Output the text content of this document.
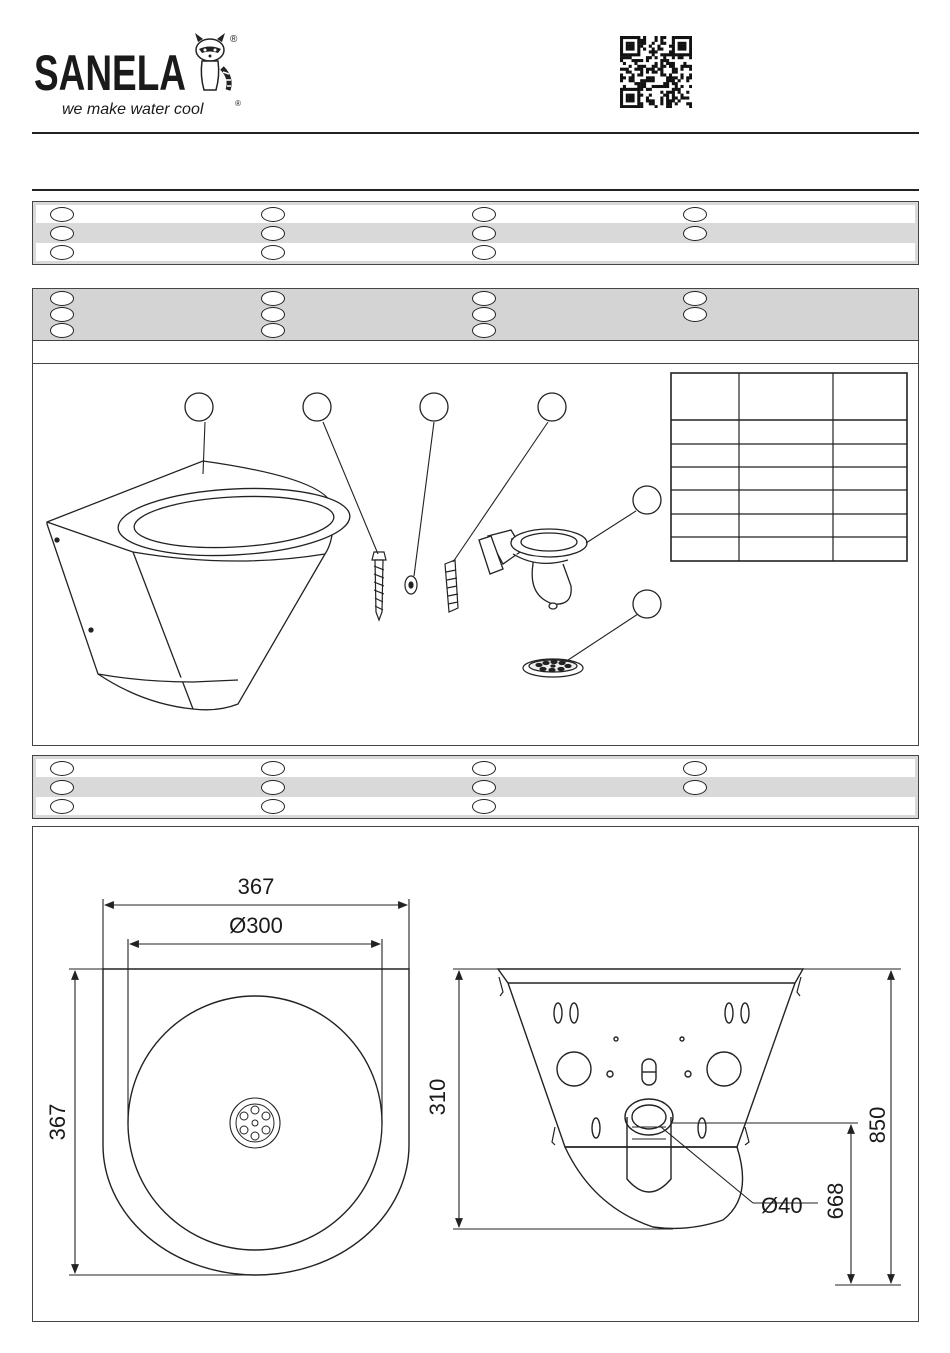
SANELA
®
we make water cool	®
367
Ø300
367
310
850
668
Ø40
